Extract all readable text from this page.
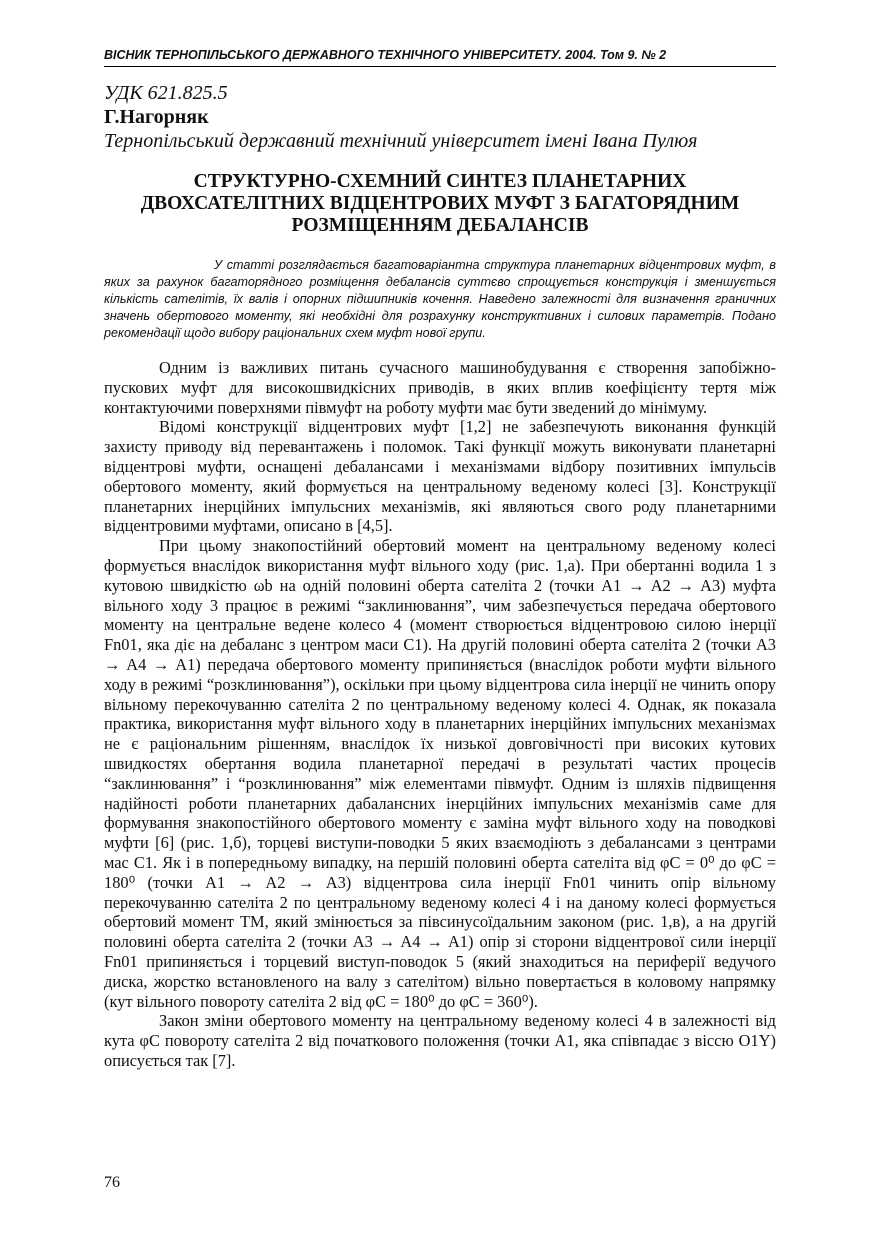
ВІСНИК ТЕРНОПІЛЬСЬКОГО ДЕРЖАВНОГО ТЕХНІЧНОГО УНІВЕРСИТЕТУ. 2004. Том 9. № 2
УДК 621.825.5
Г.Нагорняк
Тернопільський державний технічний університет імені Івана Пулюя
СТРУКТУРНО-СХЕМНИЙ СИНТЕЗ ПЛАНЕТАРНИХ ДВОХСАТЕЛІТНИХ ВІДЦЕНТРОВИХ МУФТ З БАГАТОРЯДНИМ РОЗМІЩЕННЯМ ДЕБАЛАНСІВ
У статті розглядається багатоваріантна структура планетарних відцентрових муфт, в яких за рахунок багаторядного розміщення дебалансів суттєво спрощується конструкція і зменшується кількість сателітів, їх валів і опорних підшипників кочення. Наведено залежності для визначення граничних значень обертового моменту, які необхідні для розрахунку конструктивних і силових параметрів. Подано рекомендації щодо вибору раціональних схем муфт нової групи.

Одним із важливих питань сучасного машинобудування є створення запобіжно-пускових муфт для високошвидкісних приводів, в яких вплив коефіцієнту тертя між контактуючими поверхнями півмуфт на роботу муфти має бути зведений до мінімуму.

Відомі конструкції відцентрових муфт [1,2] не забезпечують виконання функцій захисту приводу від перевантажень і поломок. Такі функції можуть виконувати планетарні відцентрові муфти, оснащені дебалансами і механізмами відбору позитивних імпульсів обертового моменту, який формується на центральному веденому колесі [3]. Конструкції планетарних інерційних імпульсних механізмів, які являються свого роду планетарними відцентровими муфтами, описано в [4,5].

При цьому знакопостійний обертовий момент на центральному веденому колесі формується внаслідок використання муфт вільного ходу (рис. 1,а). При обертанні водила 1 з кутовою швидкістю ωb на одній половині оберта сателіта 2 (точки A1 → A2 → A3) муфта вільного ходу 3 працює в режимі “заклинювання”, чим забезпечується передача обертового моменту на центральне ведене колесо 4 (момент створюється відцентровою силою інерції Fn01, яка діє на дебаланс з центром маси C1). На другій половині оберта сателіта 2 (точки A3 → A4 → A1) передача обертового моменту припиняється (внаслідок роботи муфти вільного ходу в режимі “розклинювання”), оскільки при цьому відцентрова сила інерції не чинить опору вільному перекочуванню сателіта 2 по центральному веденому колесі 4. Однак, як показала практика, використання муфт вільного ходу в планетарних інерційних імпульсних механізмах не є раціональним рішенням, внаслідок їх низької довговічності при високих кутових швидкостях обертання водила планетарної передачі в результаті частих процесів “заклинювання” і “розклинювання” між елементами півмуфт. Одним із шляхів підвищення надійності роботи планетарних дабалансних інерційних імпульсних механізмів саме для формування знакопостійного обертового моменту є заміна муфт вільного ходу на поводкові муфти [6] (рис. 1,б), торцеві виступи-поводки 5 яких взаємодіють з дебалансами з центрами мас C1. Як і в попередньому випадку, на першій половині оберта сателіта від φC = 0⁰ до φC = 180⁰ (точки A1 → A2 → A3) відцентрова сила інерції Fn01 чинить опір вільному перекочуванню сателіта 2 по центральному веденому колесі 4 і на даному колесі формується обертовий момент TM, який змінюється за півсинусоїдальним законом (рис. 1,в), а на другій половині оберта сателіта 2 (точки A3 → A4 → A1) опір зі сторони відцентрової сили інерції Fn01 припиняється і торцевий виступ-поводок 5 (який знаходиться на периферії ведучого диска, жорстко встановленого на валу з сателітом) вільно повертається в коловому напрямку (кут вільного повороту сателіта 2 від φC = 180⁰ до φC = 360⁰).

Закон зміни обертового моменту на центральному веденому колесі 4 в залежності від кута φC повороту сателіта 2 від початкового положення (точки A1, яка співпадає з віссю O1Y) описується так [7].

76
